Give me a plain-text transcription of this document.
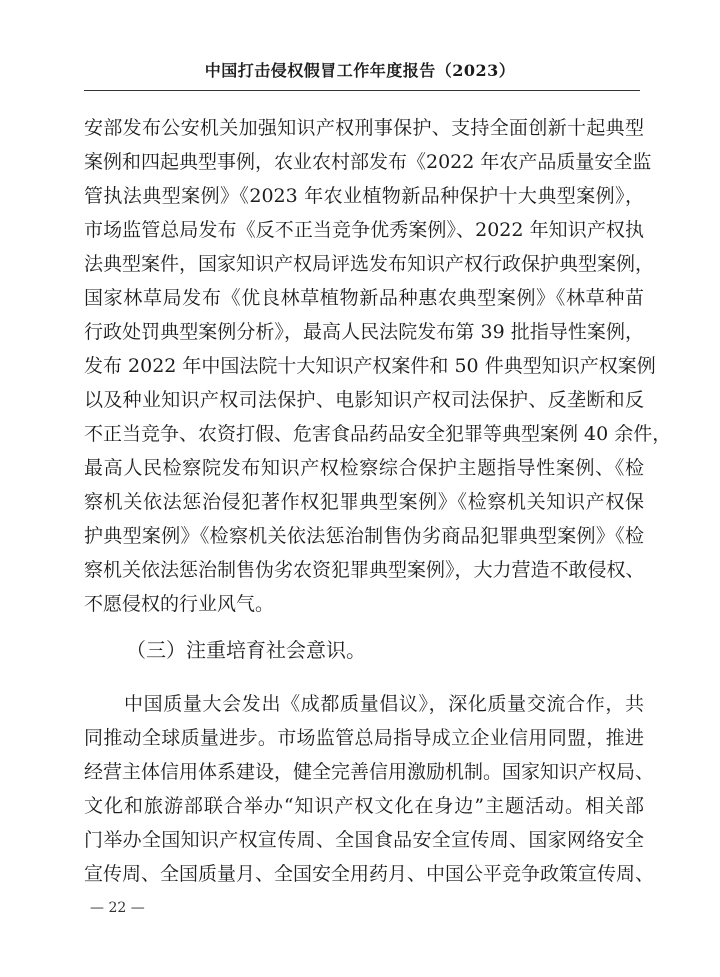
中国打击侵权假冒工作年度报告（2023）
安部发布公安机关加强知识产权刑事保护、支持全面创新十起典型
案例和四起典型事例，农业农村部发布《2022 年农产品质量安全监
管执法典型案例》《2023 年农业植物新品种保护十大典型案例》，
市场监管总局发布《反不正当竞争优秀案例》、2022 年知识产权执
法典型案件，国家知识产权局评选发布知识产权行政保护典型案例，
国家林草局发布《优良林草植物新品种惠农典型案例》《林草种苗
行政处罚典型案例分析》，最高人民法院发布第 39 批指导性案例，
发布 2022 年中国法院十大知识产权案件和 50 件典型知识产权案例
以及种业知识产权司法保护、电影知识产权司法保护、反垄断和反
不正当竞争、农资打假、危害食品药品安全犯罪等典型案例 40 余件，
最高人民检察院发布知识产权检察综合保护主题指导性案例、《检
察机关依法惩治侵犯著作权犯罪典型案例》《检察机关知识产权保
护典型案例》《检察机关依法惩治制售伪劣商品犯罪典型案例》《检
察机关依法惩治制售伪劣农资犯罪典型案例》，大力营造不敢侵权、
不愿侵权的行业风气。
（三）注重培育社会意识。
中国质量大会发出《成都质量倡议》，深化质量交流合作，共
同推动全球质量进步。市场监管总局指导成立企业信用同盟，推进
经营主体信用体系建设，健全完善信用激励机制。国家知识产权局、
文化和旅游部联合举办“知识产权文化在身边”主题活动。相关部
门举办全国知识产权宣传周、全国食品安全宣传周、国家网络安全
宣传周、全国质量月、全国安全用药月、中国公平竞争政策宣传周、
— 22 —
